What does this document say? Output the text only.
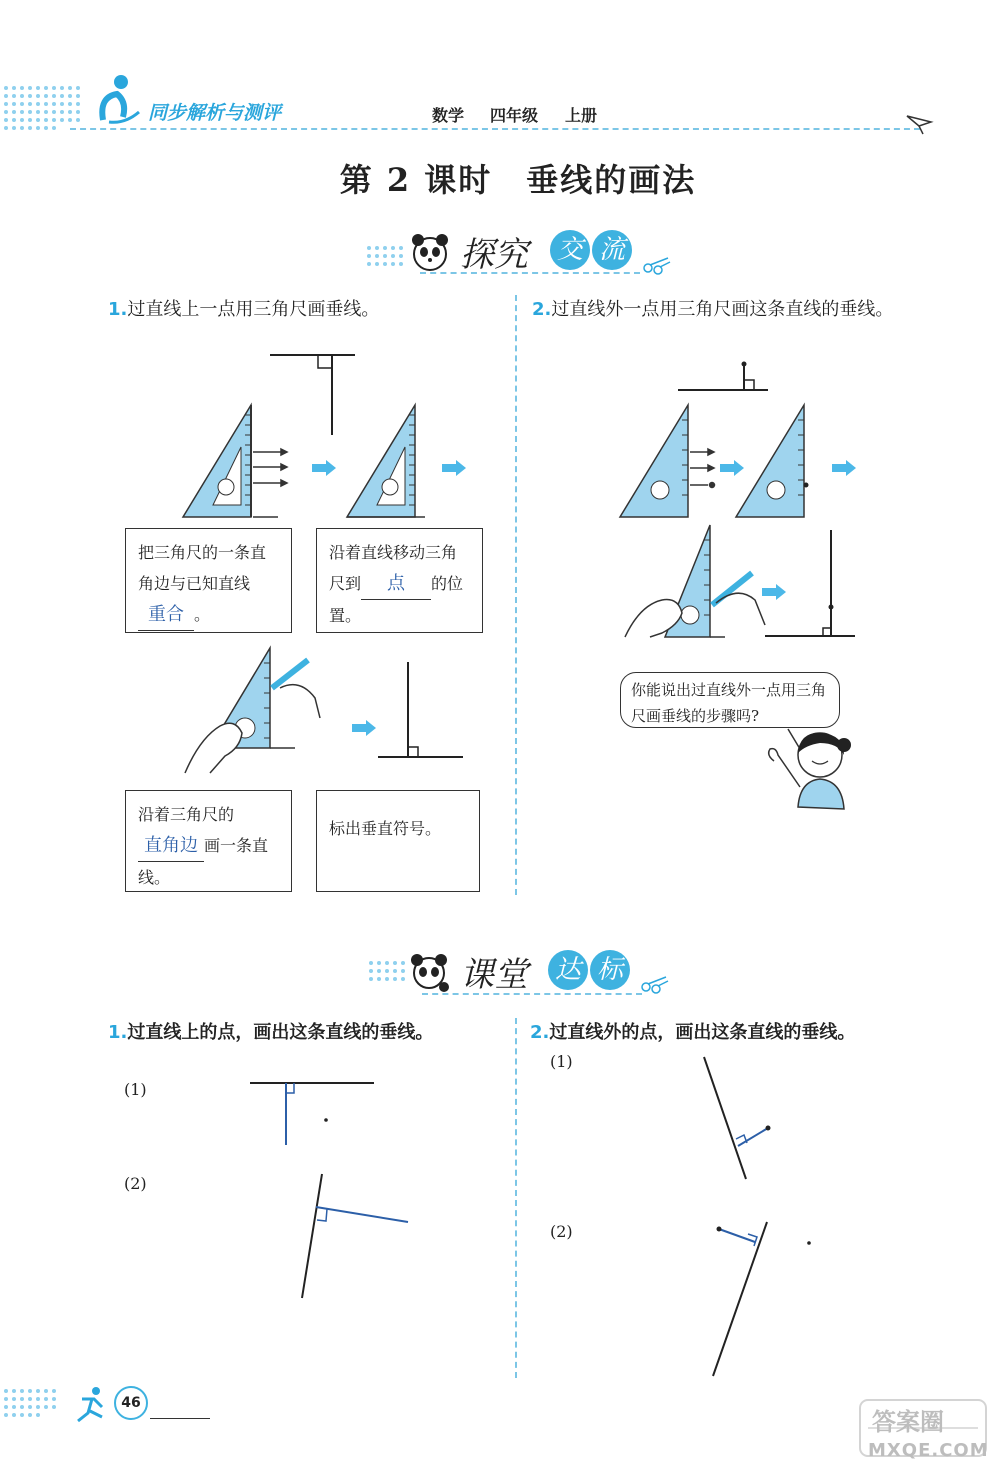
同步解析与测评	数学 四年级 上册
第 2 课时　垂线的画法
探究 交 流
1.过直线上一点用三角尺画垂线。
把三角尺的一条直角边与已知直线重合 。
沿着直线移动三角尺到 点 的位置。
沿着三角尺的直角边 画一条直线。
标出垂直符号。
2.过直线外一点用三角尺画这条直线的垂线。
你能说出过直线外一点用三角尺画垂线的步骤吗?
课堂 达 标
1.过直线上的点，画出这条直线的垂线。
(1)
(2)
2.过直线外的点，画出这条直线的垂线。
(1)
(2)
46
答案圈
MXQE.COM
